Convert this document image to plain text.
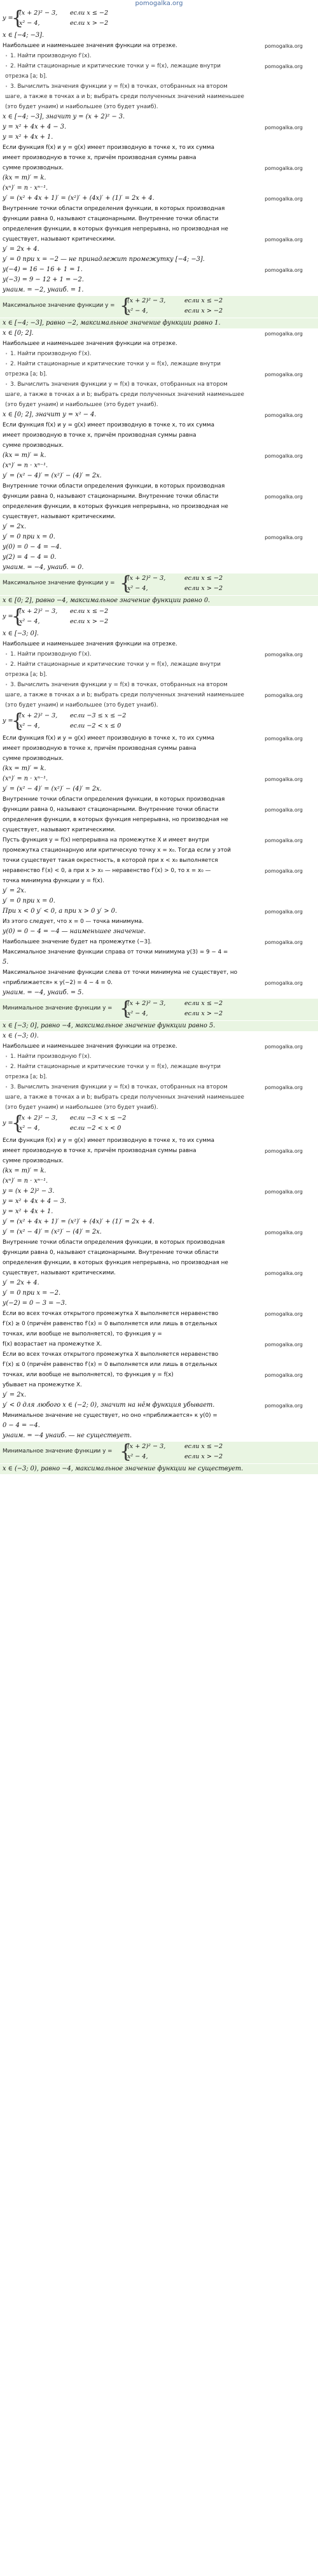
pomogalka.org
y =
{
(x + 2)² − 3, если x ≤ −2
x² − 4,	если x > −2
x ∈ [−4; −3].
Наибольшее и наименьшее значения функции на отрезке.	pomogalka.org
• 1. Найти производную f′(x).
• 2. Найти стационарные и критические точки y = f(x), лежащие внутри	pomogalka.org
отрезка [a; b].
• 3. Вычислить значения функции y = f(x) в точках, отобранных на втором
шаге, а также в точках a и b; выбрать среди полученных значений наименьшее
(это будет yнаим) и наибольшее (это будет yнаиб).
x ∈ [−4; −3], значит y = (x + 2)² − 3.
y = x² + 4x + 4 − 3.	pomogalka.org
y = x² + 4x + 1.
Если функция f(x) и y = g(x) имеет производную в точке x, то их сумма
имеет производную в точке x, причём производная суммы равна
сумме производных.	pomogalka.org
(kx = m)′ = k.
(xⁿ)′ = n · xⁿ⁻¹.
y′ = (x² + 4x + 1)′ = (x²)′ + (4x)′ + (1)′ = 2x + 4.	pomogalka.org
Внутренние точки области определения функции, в которых производная
функции равна 0, называют стационарными. Внутренние точки области
определения функции, в которых функция непрерывна, но производная не
существует, называют критическими.	pomogalka.org
y′ = 2x + 4.
y′ = 0 при x = −2 — не принадлежит промежутку [−4; −3].
y(−4) = 16 − 16 + 1 = 1.	pomogalka.org
y(−3) = 9 − 12 + 1 = −2.
yнаим. = −2, yнаиб. = 1.
Максимальное значение функции y = {
(x + 2)² − 3,	если x ≤ −2
x² − 4,	если x > −2
x ∈ [−4; −3], равно −2, максимальное значение функции равно 1.
x ∈ [0; 2].	pomogalka.org
Наибольшее и наименьшее значения функции на отрезке.
• 1. Найти производную f′(x).
• 2. Найти стационарные и критические точки y = f(x), лежащие внутри
отрезка [a; b].	pomogalka.org
• 3. Вычислить значения функции y = f(x) в точках, отобранных на втором
шаге, а также в точках a и b; выбрать среди полученных значений наименьшее
(это будет yнаим) и наибольшее (это будет yнаиб).
x ∈ [0; 2], значит y = x² − 4.	pomogalka.org
Если функция f(x) и y = g(x) имеет производную в точке x, то их сумма
имеет производную в точке x, причём производная суммы равна
сумме производных.
(kx = m)′ = k.	pomogalka.org
(xⁿ)′ = n · xⁿ⁻¹.
y′ = (x² − 4)′ = (x²)′ − (4)′ = 2x.
Внутренние точки области определения функции, в которых производная
функции равна 0, называют стационарными. Внутренние точки области	pomogalka.org
определения функции, в которых функция непрерывна, но производная не
существует, называют критическими.
y′ = 2x.
y′ = 0 при x = 0.	pomogalka.org
y(0) = 0 − 4 = −4.
y(2) = 4 − 4 = 0.
yнаим. = −4, yнаиб. = 0.
Максимальное значение функции y = {
(x + 2)² − 3,	если x ≤ −2
x² − 4,	если x > −2
x ∈ [0; 2], равно −4, максимальное значение функции равно 0.
y =
{
(x + 2)² − 3, если x ≤ −2
x² − 4,	если x > −2
x ∈ [−3; 0].
Наибольшее и наименьшее значения функции на отрезке.
• 1. Найти производную f′(x).	pomogalka.org
• 2. Найти стационарные и критические точки y = f(x), лежащие внутри
отрезка [a; b].
• 3. Вычислить значения функции y = f(x) в точках, отобранных на втором
шаге, а также в точках a и b; выбрать среди полученных значений наименьшее	pomogalka.org
(это будет yнаим) и наибольшее (это будет yнаиб).
y =
{
(x + 2)² − 3, если −3 ≤ x ≤ −2
x² − 4,	если −2 < x ≤ 0
Если функция f(x) и y = g(x) имеет производную в точке x, то их сумма	pomogalka.org
имеет производную в точке x, причём производная суммы равна
сумме производных.
(kx = m)′ = k.
(xⁿ)′ = n · xⁿ⁻¹.	pomogalka.org
y′ = (x² − 4)′ = (x²)′ − (4)′ = 2x.
Внутренние точки области определения функции, в которых производная
функции равна 0, называют стационарными. Внутренние точки области	pomogalka.org
определения функции, в которых функция непрерывна, но производная не
существует, называют критическими.
Пусть функция y = f(x) непрерывна на промежутке X и имеет внутри	pomogalka.org
промежутка стационарную или критическую точку x = x₀. Тогда если у этой
точки существует такая окрестность, в которой при x < x₀ выполняется
неравенство f′(x) < 0, а при x > x₀ — неравенство f′(x) > 0, то x = x₀ —	pomogalka.org
точка минимума функции y = f(x).
y′ = 2x.
y′ = 0 при x = 0.
При x < 0 y′ < 0, а при x > 0 y′ > 0.	pomogalka.org
Из этого следует, что x = 0 — точка минимума.
y(0) = 0 − 4 = −4 — наименьшее значение.
Наибольшее значение будет на промежутке (−3].	pomogalka.org
Максимальное значение функции справа от точки минимума y(3) = 9 − 4 =
5.
Максимальное значение функции слева от точки минимума не существует, но
«приближается» к y(−2) = 4 − 4 = 0.	pomogalka.org
yнаим. = −4, yнаиб. = 5.
Минимальное значение функции y = {
(x + 2)² − 3,	если x ≤ −2
x² − 4,	если x > −2
x ∈ [−3; 0], равно −4, максимальное значение функции равно 5.
x ∈ (−3; 0).
Наибольшее и наименьшее значения функции на отрезке.	pomogalka.org
• 1. Найти производную f′(x).
• 2. Найти стационарные и критические точки y = f(x), лежащие внутри
отрезка [a; b].
• 3. Вычислить значения функции y = f(x) в точках, отобранных на втором	pomogalka.org
шаге, а также в точках a и b; выбрать среди полученных значений наименьшее
(это будет yнаим) и наибольшее (это будет yнаиб).
y =
{
(x + 2)² − 3, если −3 < x ≤ −2
x² − 4,	если −2 < x < 0
Если функция f(x) и y = g(x) имеет производную в точке x, то их сумма
имеет производную в точке x, причём производная суммы равна	pomogalka.org
сумме производных.
(kx = m)′ = k.
(xⁿ)′ = n · xⁿ⁻¹.
y = (x + 2)² − 3.	pomogalka.org
y = x² + 4x + 4 − 3.
y = x² + 4x + 1.
y′ = (x² + 4x + 1)′ = (x²)′ + (4x)′ + (1)′ = 2x + 4.
y′ = (x² − 4)′ = (x²)′ − (4)′ = 2x.	pomogalka.org
Внутренние точки области определения функции, в которых производная
функции равна 0, называют стационарными. Внутренние точки области
определения функции, в которых функция непрерывна, но производная не
существует, называют критическими.	pomogalka.org
y′ = 2x + 4.
y′ = 0 при x = −2.
y(−2) = 0 − 3 = −3.
Если во всех точках открытого промежутка X выполняется неравенство	pomogalka.org
f′(x) ≥ 0 (причём равенство f′(x) = 0 выполняется или лишь в отдельных
точках, или вообще не выполняется), то функция y =
f(x) возрастает на промежутке X.	pomogalka.org
Если во всех точках открытого промежутка X выполняется неравенство
f′(x) ≤ 0 (причём равенство f′(x) = 0 выполняется или лишь в отдельных
точках, или вообще не выполняется), то функция y = f(x)	pomogalka.org
убывает на промежутке X.
y′ = 2x.
y′ < 0 для любого x ∈ (−2; 0), значит на нём функция убывает.	pomogalka.org
Минимальное значение не существует, но оно «приближается» к y(0) =
0 − 4 = −4.
yнаим. = −4 yнаиб. — не существует.
Минимальное значение функции y = {
(x + 2)² − 3,	если x ≤ −2
x² − 4,	если x > −2
x ∈ (−3; 0), равно −4, максимальное значение функции не существует.
